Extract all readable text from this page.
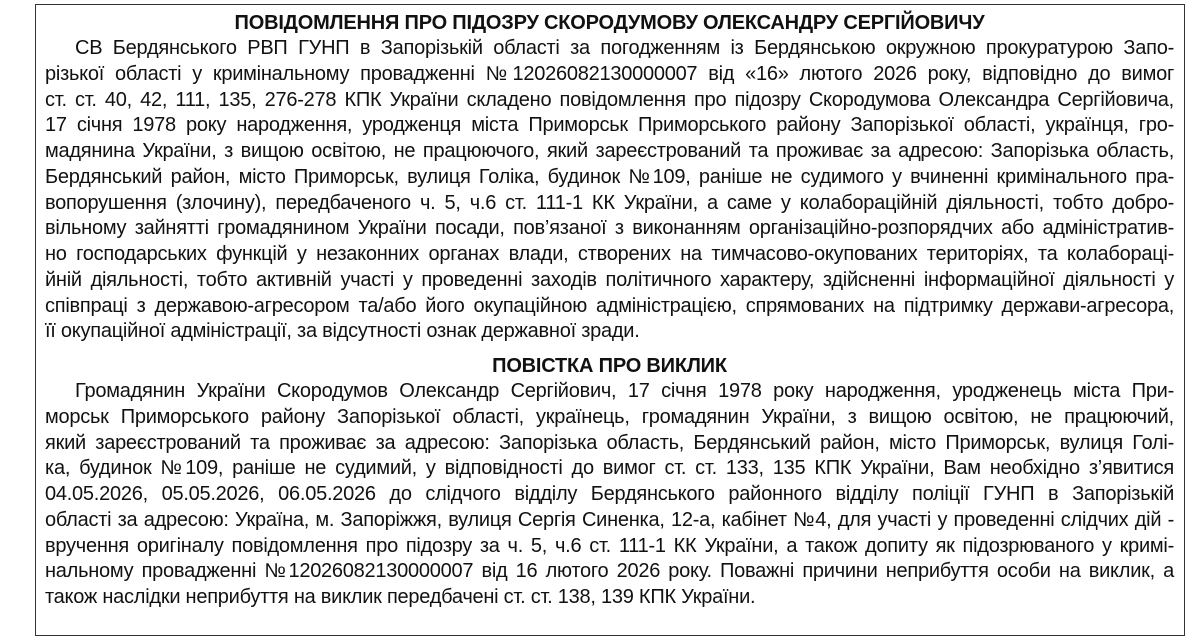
ПОВІДОМЛЕННЯ ПРО ПІДОЗРУ СКОРОДУМОВУ ОЛЕКСАНДРУ СЕРГІЙОВИЧУ
СВ Бердянського РВП ГУНП в Запорізькій області за погодженням із Бердянською окружною прокуратурою Запо-
різької області у кримінальному провадженні №12026082130000007 від «16» лютого 2026 року, відповідно до вимог
ст. ст. 40, 42, 111, 135, 276-278 КПК України складено повідомлення про підозру Скородумова Олександра Сергійовича,
17 січня 1978 року народження, уродженця міста Приморськ Приморського району Запорізької області, українця, гро-
мадянина України, з вищою освітою, не працюючого, який зареєстрований та проживає за адресою: Запорізька область,
Бердянський район, місто Приморськ, вулиця Голіка, будинок №109, раніше не судимого у вчиненні кримінального пра-
вопорушення (злочину), передбаченого ч. 5, ч.6 ст. 111-1 КК України, а саме у колабораційній діяльності, тобто добро-
вільному зайнятті громадянином України посади, пов’язаної з виконанням організаційно-розпорядчих або адміністратив-
но господарських функцій у незаконних органах влади, створених на тимчасово-окупованих територіях, та колабораці-
йній діяльності, тобто активній участі у проведенні заходів політичного характеру, здійсненні інформаційної діяльності у
співпраці з державою-агресором та/або його окупаційною адміністрацією, спрямованих на підтримку держави-агресора,
її окупаційної адміністрації, за відсутності ознак державної зради.
ПОВІСТКА ПРО ВИКЛИК
Громадянин України Скородумов Олександр Сергійович, 17 січня 1978 року народження, уродженець міста При-
морськ Приморського району Запорізької області, українець, громадянин України, з вищою освітою, не працюючий,
який зареєстрований та проживає за адресою: Запорізька область, Бердянський район, місто Приморськ, вулиця Голі-
ка, будинок №109, раніше не судимий, у відповідності до вимог ст. ст. 133, 135 КПК України, Вам необхідно з’явитися
04.05.2026, 05.05.2026, 06.05.2026 до слідчого відділу Бердянського районного відділу поліції ГУНП в Запорізькій
області за адресою: Україна, м. Запоріжжя, вулиця Сергія Синенка, 12-а, кабінет №4, для участі у проведенні слідчих дій -
вручення оригіналу повідомлення про підозру за ч. 5, ч.6 ст. 111-1 КК України, а також допиту як підозрюваного у кримі-
нальному провадженні №12026082130000007 від 16 лютого 2026 року. Поважні причини неприбуття особи на виклик, а
також наслідки неприбуття на виклик передбачені ст. ст. 138, 139 КПК України.
